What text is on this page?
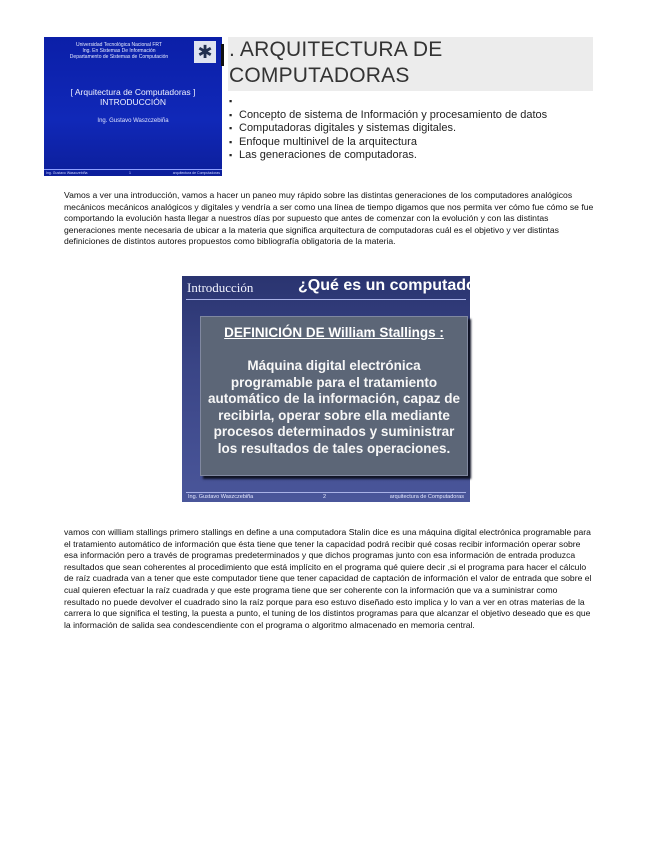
Universidad Tecnológica Nacional FRT
Ing. En Sistemas De Información
Departamento de Sistemas de Computación	✱
[ Arquitectura de Computadoras ]
INTRODUCCIÓN
Ing. Gustavo Waszczebiña
Ing. Gustavo Waszczebiña	1	arquitectura de Computadoras
. ARQUITECTURA DE
COMPUTADORAS
▪
▪ Concepto de sistema de Información y procesamiento de datos
▪ Computadoras digitales y sistemas digitales.
▪ Enfoque multinivel de la arquitectura
▪ Las generaciones de computadoras.
Vamos a ver una introducción, vamos a hacer un paneo muy rápido sobre las distintas generaciones de los computadores analógicos mecánicos mecánicos analógicos y digitales y vendría a ser como una línea de tiempo digamos que nos permita ver cómo fue cómo se fue comportando la evolución hasta llegar a nuestros días por supuesto que antes de comenzar con la evolución y con las distintas generaciones mente necesaria de ubicar a la materia que significa arquitectura de computadoras cuál es el objetivo y ver distintas definiciones de distintos autores propuestos como bibliografía obligatoria de la materia.
Introducción	¿Qué es un computador?
DEFINICIÓN DE William Stallings :
Máquina digital electrónica
programable para el tratamiento
automático de la información, capaz de
recibirla, operar sobre ella mediante
procesos determinados y suministrar
los resultados de tales operaciones.
Ing. Gustavo Waszczebiña	2	arquitectura de Computadoras
vamos con william stallings primero stallings en define a una computadora Stalin dice es una máquina digital electrónica programable para el tratamiento automático de información que ésta tiene que tener la capacidad podrá recibir qué cosas recibir información operar sobre esa información pero a través de programas predeterminados y que dichos programas junto con esa información de entrada produzca resultados que sean coherentes al procedimiento que está implícito en el programa qué quiere decir ,si el programa para hacer el cálculo de raíz cuadrada van a tener que este computador tiene que tener capacidad de captación de información el valor de entrada que sobre el cual quieren efectuar la raíz cuadrada y que este programa tiene que ser coherente con la información que va a suministrar como resultado no puede devolver el cuadrado sino la raíz porque para eso estuvo diseñado esto implica y lo van a ver en otras materias de la carrera lo que significa el testing, la puesta a punto, el tuning de los distintos programas para que alcanzar el objetivo deseado que es que la información de salida sea condescendiente con el programa o algoritmo almacenado en memoria central.
